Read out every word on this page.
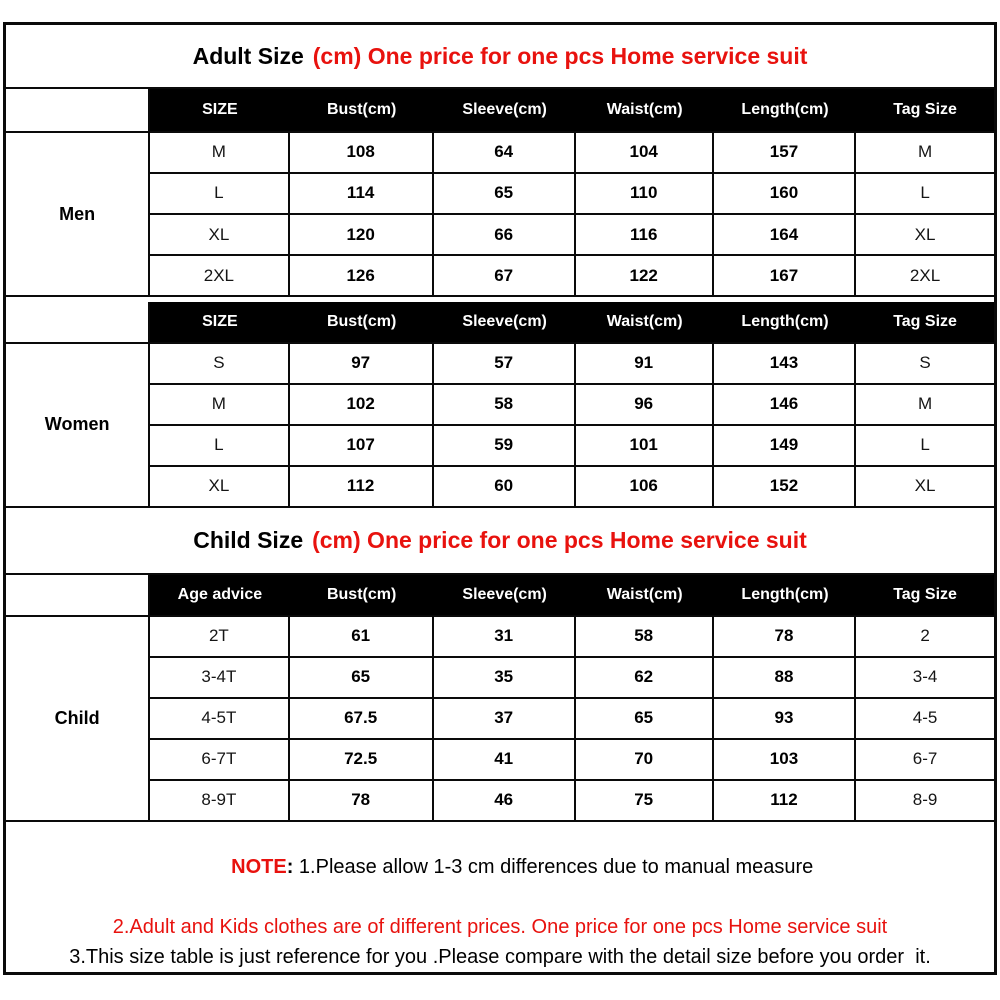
Adult Size (cm) One price for one pcs Home service suit
SIZE	Bust(cm)	Sleeve(cm)	Waist(cm)	Length(cm)	Tag Size
Men
M	108	64	104	157	M
L	114	65	110	160	L
XL	120	66	116	164	XL
2XL	126	67	122	167	2XL
SIZE	Bust(cm)	Sleeve(cm)	Waist(cm)	Length(cm)	Tag Size
Women
S	97	57	91	143	S
M	102	58	96	146	M
L	107	59	101	149	L
XL	112	60	106	152	XL
Child Size (cm) One price for one pcs Home service suit
Age advice	Bust(cm)	Sleeve(cm)	Waist(cm)	Length(cm)	Tag Size
Child
2T	61	31	58	78	2
3-4T	65	35	62	88	3-4
4-5T	67.5	37	65	93	4-5
6-7T	72.5	41	70	103	6-7
8-9T	78	46	75	112	8-9

NOTE: 1.Please allow 1-3 cm differences due to manual measure

2.Adult and Kids clothes are of different prices. One price for one pcs Home service suit
3.This size table is just reference for you .Please compare with the detail size before you order  it.
